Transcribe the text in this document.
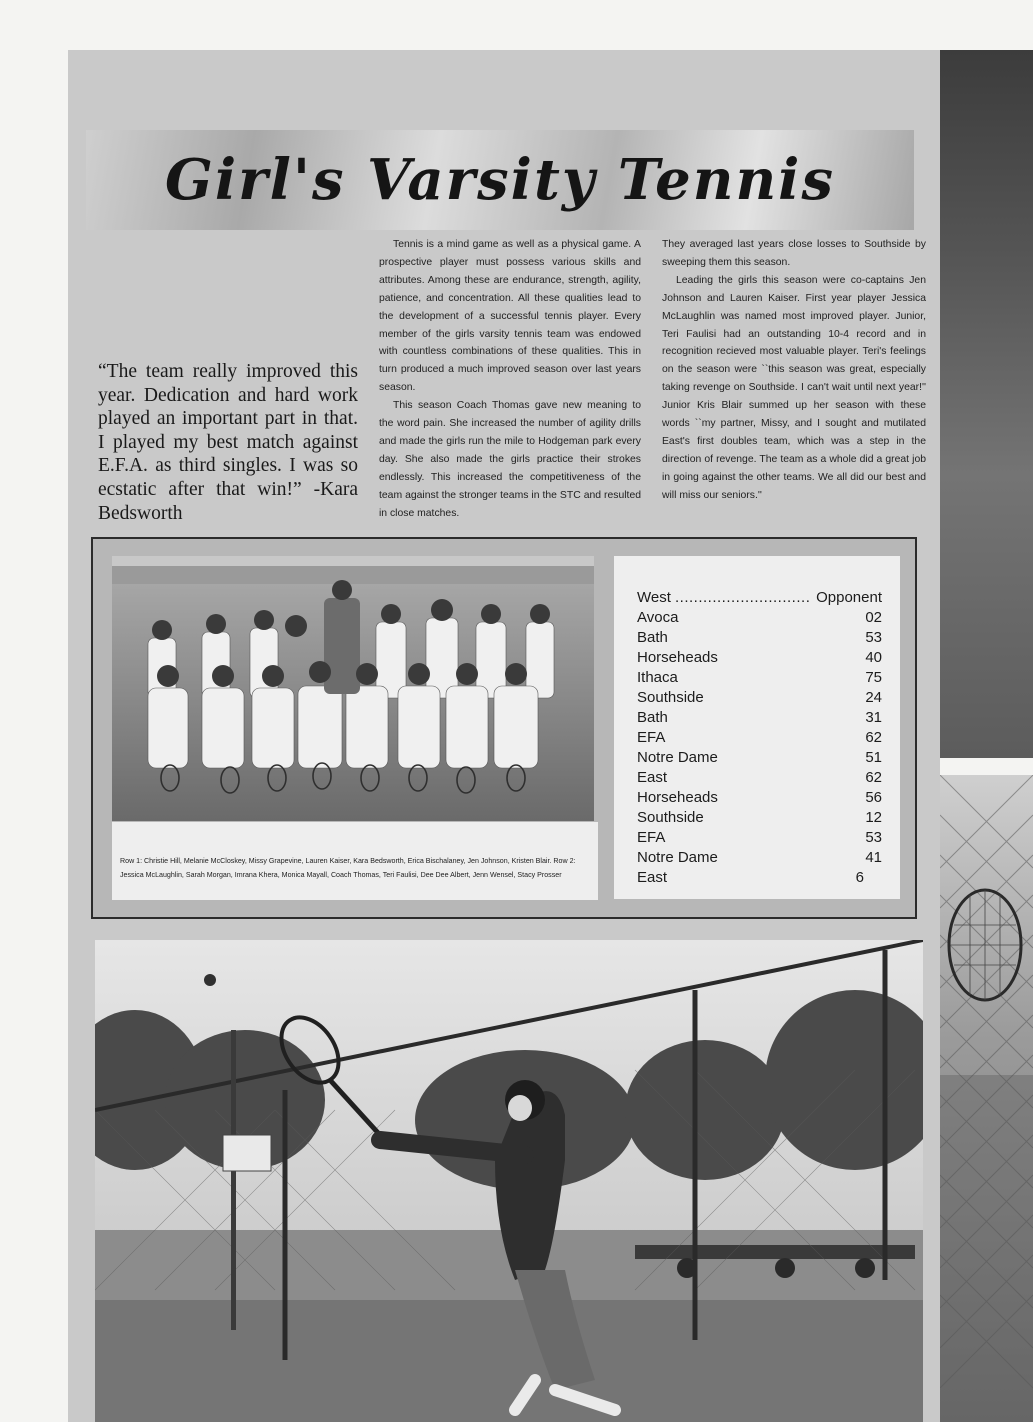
Girl's Varsity Tennis
“The team really improved this year. Dedication and hard work played an important part in that. I played my best match against E.F.A. as third singles. I was so ecstatic after that win!” -Kara Bedsworth

Tennis is a mind game as well as a physical game. A prospective player must possess various skills and attributes. Among these are endurance, strength, agility, patience, and concentration. All these qualities lead to the development of a successful tennis player. Every member of the girls varsity tennis team was endowed with countless combinations of these qualities. This in turn produced a much improved season over last years season.

This season Coach Thomas gave new meaning to the word pain. She increased the number of agility drills and made the girls run the mile to Hodgeman park every day. She also made the girls practice their strokes endlessly. This increased the competitiveness of the team against the stronger teams in the STC and resulted in close matches.

They averaged last years close losses to Southside by sweeping them this season.

Leading the girls this season were co-captains Jen Johnson and Lauren Kaiser. First year player Jessica McLaughlin was named most improved player. Junior, Teri Faulisi had an outstanding 10-4 record and in recognition recieved most valuable player. Teri's feelings on the season were ``this season was great, especially taking revenge on Southside. I can't wait until next year!'' Junior Kris Blair summed up her season with these words ``my partner, Missy, and I sought and mutilated East's first doubles team, which was a step in the direction of revenge. The team as a whole did a great job in going against the other teams. We all did our best and will miss our seniors.''

Row 1: Christie Hill, Melanie McCloskey, Missy Grapevine, Lauren Kaiser, Kara Bedsworth, Erica Bischalaney, Jen Johnson, Kristen Blair. Row 2: Jessica McLaughlin, Sarah Morgan, Imrana Khera, Monica Mayall, Coach Thomas, Teri Faulisi, Dee Dee Albert, Jenn Wensel, Stacy Prosser
West ............................. Opponent
Avoca	02
Bath	53
Horseheads	40
Ithaca	75
Southside	24
Bath	31
EFA	62
Notre Dame	51
East	62
Horseheads	56
Southside	12
EFA	53
Notre Dame	41
East	6
